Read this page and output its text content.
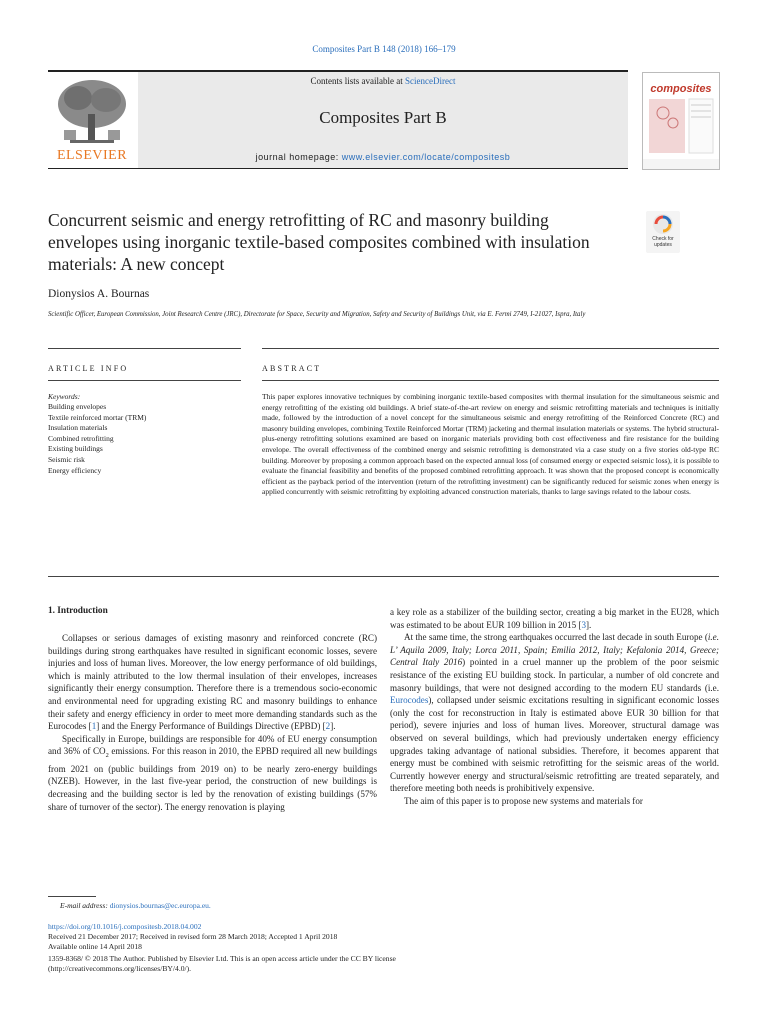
Composites Part B 148 (2018) 166–179
ELSEVIER
Contents lists available at ScienceDirect
Composites Part B
journal homepage: www.elsevier.com/locate/compositesb
composites
Concurrent seismic and energy retrofitting of RC and masonry building envelopes using inorganic textile-based composites combined with insulation materials: A new concept
Check for
updates
Dionysios A. Bournas
Scientific Officer, European Commission, Joint Research Centre (JRC), Directorate for Space, Security and Migration, Safety and Security of Buildings Unit, via E. Fermi 2749, I-21027, Ispra, Italy
ARTICLE INFO	ABSTRACT
Keywords:
Building envelopes
Textile reinforced mortar (TRM)
Insulation materials
Combined retrofitting
Existing buildings
Seismic risk
Energy efficiency
This paper explores innovative techniques by combining inorganic textile-based composites with thermal insulation for the simultaneous seismic and energy retrofitting of the existing old buildings. A brief state-of-the-art review on energy and seismic retrofitting materials and techniques is initially made, followed by the introduction of a novel concept for the simultaneous seismic and energy retrofitting of the Reinforced Concrete (RC) and masonry building envelopes, combining Textile Reinforced Mortar (TRM) jacketing and thermal insulation materials or systems. The hybrid structural-plus-energy retrofitting solutions examined are based on inorganic materials providing both cost effectiveness and fire resistance for the building envelope. The overall effectiveness of the combined energy and seismic retrofitting is demonstrated via a case study on a five stories old-type RC building. Moreover by proposing a common approach based on the expected annual loss (of consumed energy or expected seismic loss), it is possible to evaluate the financial feasibility and benefits of the proposed combined retrofitting approach. It was shown that the proposed concept is economically efficient as the payback period of the intervention (return of the retrofitting investment) can be significantly reduced for seismic zones when energy is applied concurrently with seismic retrofitting by exploiting advanced construction materials, thanks to large savings related to the labour costs.
1. Introduction

Collapses or serious damages of existing masonry and reinforced concrete (RC) buildings during strong earthquakes have resulted in significant economic losses, severe injuries and loss of human lives. Moreover, the low energy performance of old buildings, which is mainly attributed to the low thermal insulation of their envelopes, increases significantly their energy consumption. Therefore there is a tremendous socio-economic and environmental need for upgrading existing RC and masonry buildings to enhance their safety and energy efficiency in order to meet more demanding standards such as the Eurocodes [1] and the Energy Performance of Buildings Directive (EPBD) [2].

Specifically in Europe, buildings are responsible for 40% of EU energy consumption and 36% of $CO_2$ emissions. For this reason in 2010, the EPBD required all new buildings from 2021 on (public buildings from 2019 on) to be nearly zero-energy buildings (NZEB). However, in the last five-year period, the construction of new buildings is decreasing and the building sector is led by the renovation of existing buildings (57% share of turnover of the sector). The energy renovation is playing

a key role as a stabilizer of the building sector, creating a big market in the EU28, which was estimated to be about EUR 109 billion in 2015 [3].

At the same time, the strong earthquakes occurred the last decade in south Europe (i.e. L’ Aquila 2009, Italy; Lorca 2011, Spain; Emilia 2012, Italy; Kefalonia 2014, Greece; Central Italy 2016) pointed in a cruel manner up the problem of the poor seismic resistance of the existing EU building stock. In particular, a number of old concrete and masonry buildings, that were not designed according to the modern EU standards (i.e. Eurocodes), collapsed under seismic excitations resulting in significant economic losses (only the cost for reconstruction in Italy is estimated above EUR 30 billion for that period), severe injuries and loss of human lives. Moreover, structural damage was observed on several buildings, which had previously undertaken energy efficiency upgrades taking advantage of national subsidies. Therefore, it becomes apparent that energy must be combined with seismic retrofitting for the seismic areas of the world. Currently however energy and structural/seismic retrofitting are treated separately, and therefore meeting both needs is prohibitively expensive.

The aim of this paper is to propose new systems and materials for

E-mail address: dionysios.bournas@ec.europa.eu.
https://doi.org/10.1016/j.compositesb.2018.04.002
Received 21 December 2017; Received in revised form 28 March 2018; Accepted 1 April 2018
Available online 14 April 2018
1359-8368/ © 2018 The Author. Published by Elsevier Ltd. This is an open access article under the CC BY license
(http://creativecommons.org/licenses/BY/4.0/).
